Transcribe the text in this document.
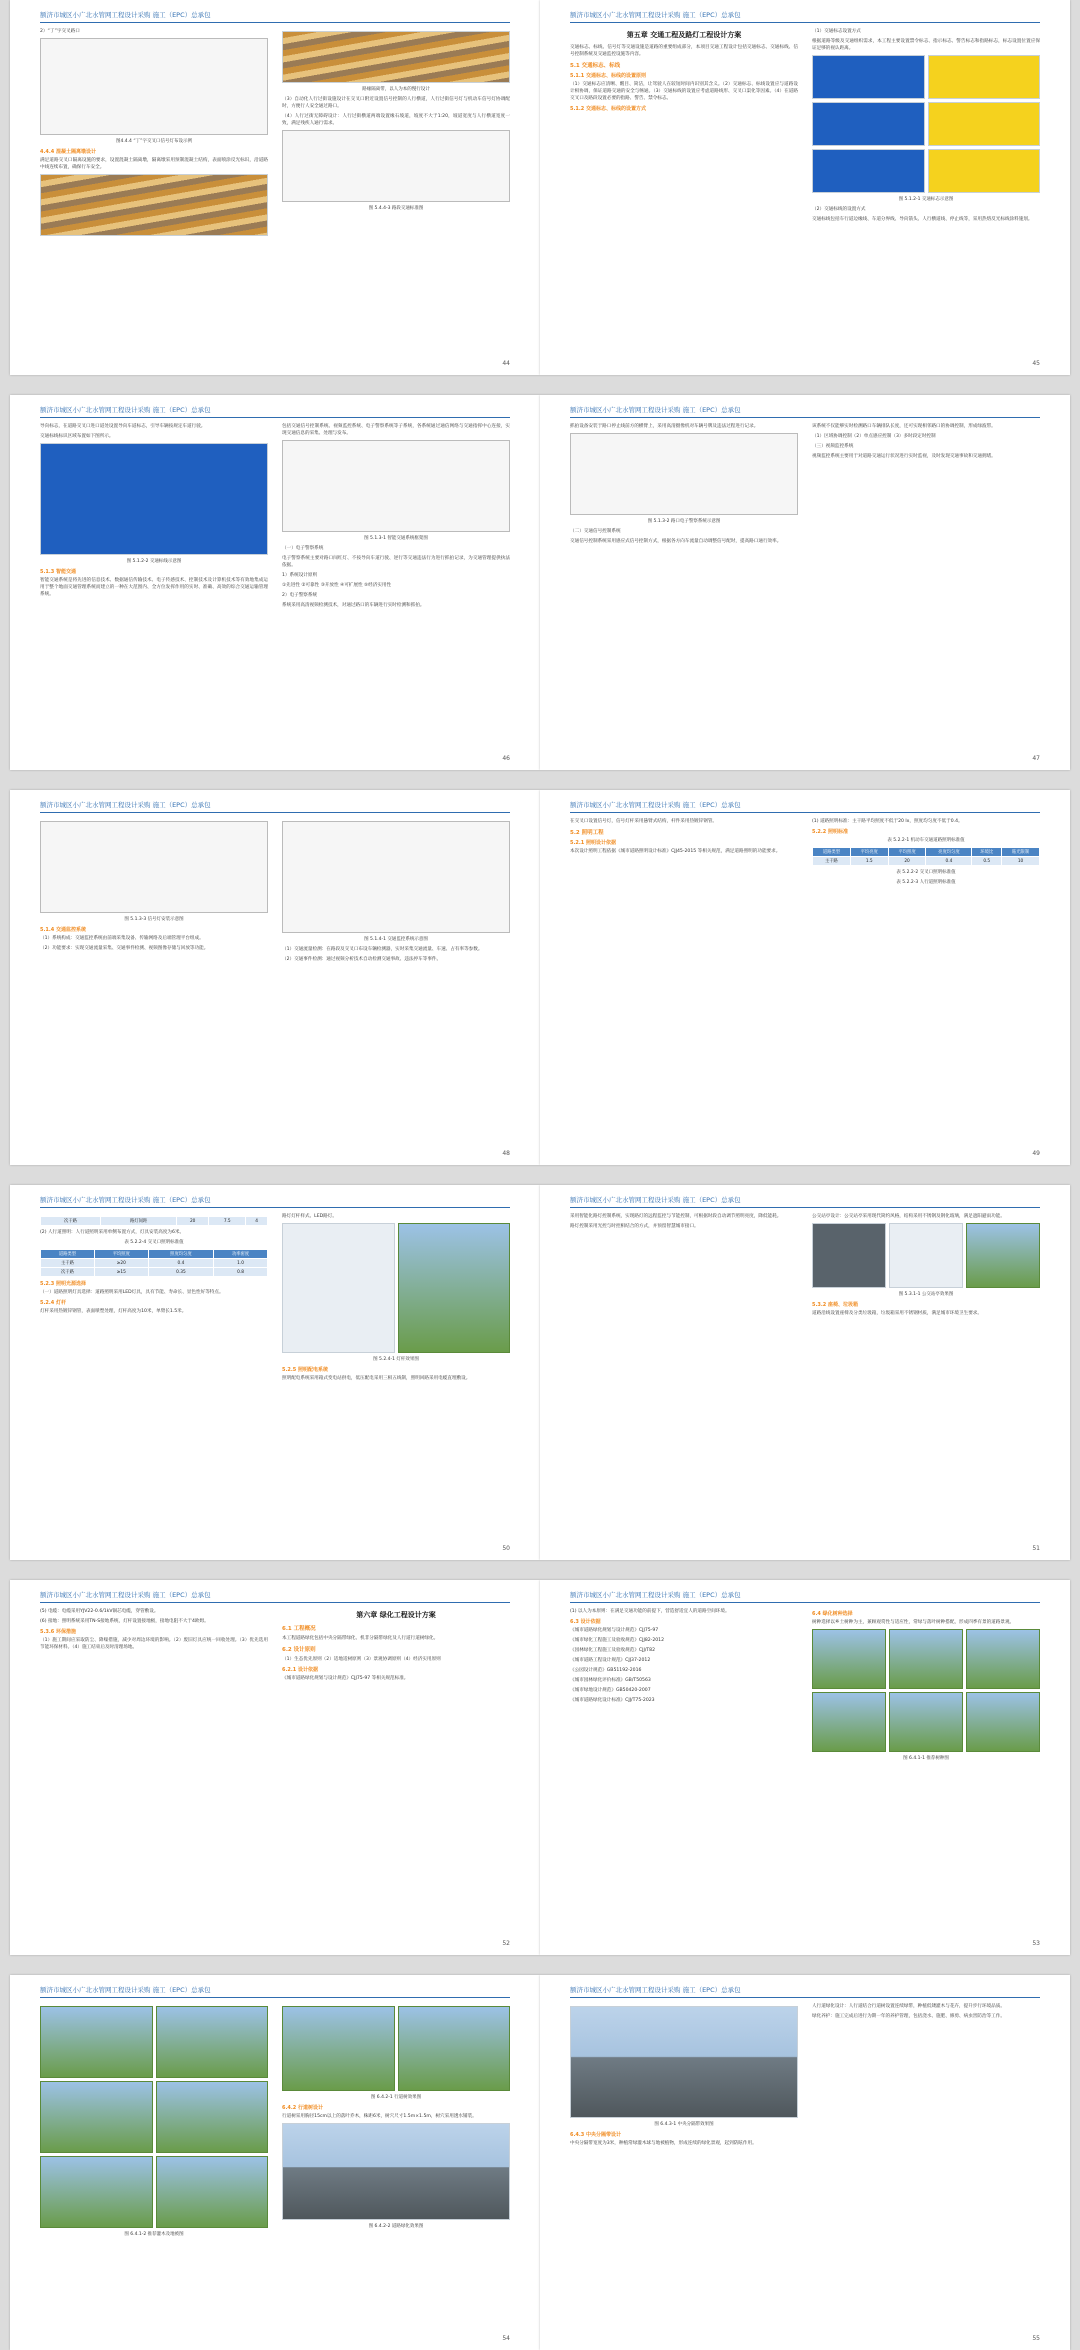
额济市城区小广北水管网工程设计采购 施工（EPC）总承包

2）“丁”字交叉路口

图4.4.4 “丁”字交叉口信号灯布设示例
4.4.4 混凝土隔离墩设计

满足道路交叉口隔离设施的要求，设置混凝土隔离墩，隔离墩采用预制混凝土结构，表面喷涂反光标识，沿道路中线连续布置，确保行车安全。

路缘隔离带，以人为本的慢行设计

（3）自动化人行过街设施设计在交叉口附近设置信号控制的人行横道，人行过街信号灯与机动车信号灯协调配时，方便行人安全通过路口。

（4）人行过街无障碍设计：人行过街横道两端设置缘石坡道，坡度不大于1:20，坡道宽度与人行横道宽度一致，满足残疾人通行需求。

图 5.4.4-3 路段交通标准图
44
额济市城区小广北水管网工程设计采购 施工（EPC）总承包
第五章 交通工程及路灯工程设计方案

交通标志、标线、信号灯等交通设施是道路的重要组成部分，本项目交通工程设计包括交通标志、交通标线、信号控制系统及交通监控设施等内容。

5.1 交通标志、标线
5.1.1 交通标志、标线的设置原则

（1）交通标志应清晰、醒目、简洁，让驾驶人在较短时间内识别其含义。（2）交通标志、标线设置应与道路设计相协调，保证道路交通的安全与畅通。（3）交通标线的设置应考虑道路线形、交叉口渠化等因素。（4）在道路交叉口及路段设置必要的指路、警告、禁令标志。

5.1.2 交通标志、标线的设置方式

（1）交通标志设置方式

根据道路等级及交通组织需求，本工程主要设置禁令标志、指示标志、警告标志和指路标志，标志设置位置应保证足够的视认距离。

图 5.1.2-1 交通标志示意图

（2）交通标线的设置方式

交通标线包括车行道边缘线、车道分界线、导向箭头、人行横道线、停止线等，采用热熔反光标线涂料施划。

45
额济市城区小广北水管网工程设计采购 施工（EPC）总承包

导向标志，在道路交叉口进口道处设置导向车道标志，引导车辆按规定车道行驶。

交通标线标识区域布置如下图所示。

图 5.1.2-2 交通标线示意图
5.1.3 智能交通

智能交通系统是将先进的信息技术、数据通信传输技术、电子传感技术、控制技术及计算机技术等有效地集成运用于整个地面交通管理系统而建立的一种在大范围内、全方位发挥作用的实时、准确、高效的综合交通运输管理系统。

包括交通信号控制系统、视频监控系统、电子警察系统等子系统，各系统通过通信网络与交通指挥中心连接，实现交通信息的采集、处理与发布。

图 5.1.3-1 智能交通系统框架图

（一）电子警察系统

电子警察系统主要对路口闯红灯、不按导向车道行驶、逆行等交通违法行为进行抓拍记录，为交通管理提供执法依据。

1）系统设计原则

①先进性 ②可靠性 ③开放性 ④可扩展性 ⑤经济实用性

2）电子警察系统

系统采用高清视频检测技术，对通过路口的车辆进行实时检测和抓拍。

46
额济市城区小广北水管网工程设计采购 施工（EPC）总承包

抓拍设备安装于路口停止线前方的横臂上，采用高清摄像机对车辆号牌及违法过程进行记录。

图 5.1.3-2 路口电子警察系统示意图

（二）交通信号控制系统

交通信号控制系统采用感应式信号控制方式，根据各方向车流量自动调整信号配时，提高路口通行效率。

该系统不仅能够实时检测路口车辆排队长度，还可实现相邻路口的协调控制，形成绿波带。

（1）区域协调控制（2）单点感应控制（3）多时段定时控制

（三）视频监控系统

视频监控系统主要用于对道路交通运行状况进行实时监视，及时发现交通事故和交通拥堵。

47
额济市城区小广北水管网工程设计采购 施工（EPC）总承包
图 5.1.3-3 信号灯安装示意图
5.1.4 交通监控系统

（1）系统构成：交通监控系统由前端采集设备、传输网络及后端管理平台组成。

（2）功能要求：实现交通流量采集、交通事件检测、视频图像存储与回放等功能。

图 5.1.4-1 交通监控系统示意图

（1）交通流量检测：在路段及交叉口布设车辆检测器，实时采集交通流量、车速、占有率等参数。

（2）交通事件检测：通过视频分析技术自动检测交通事故、违法停车等事件。

48
额济市城区小广北水管网工程设计采购 施工（EPC）总承包

在交叉口设置信号灯，信号灯杆采用悬臂式结构，杆件采用热镀锌钢管。

5.2 照明工程
5.2.1 照明设计依据

本次设计照明工程依据《城市道路照明设计标准》CJJ45-2015 等相关规范，满足道路照明的功能要求。

(1) 道路照明标准：主干路平均照度不低于20 lx，照度均匀度不低于0.4。

5.2.2 照明标准
表 5.2.2-1 机动车交通道路照明标准值
道路类型	平均亮度	平均照度	亮度均匀度	环境比	眩光限制
主干路	1.5	20	0.4	0.5	10
表 5.2.2-2 交叉口照明标准值
表 5.2.2-3 人行道照明标准值
49
额济市城区小广北水管网工程设计采购 施工（EPC）总承包
次干路	路灯间距	20	7.5	4

(2) 人行道照明：人行道照明采用单侧布置方式，灯具安装高度为6米。

表 5.2.2-4 交叉口照明标准值
道路类型	平均照度	照度均匀度	功率密度
主干路	≥20	0.4	1.0
次干路	≥15	0.35	0.8
5.2.3 照明光源选择

（一）道路照明灯具选择：道路照明采用LED灯具，具有节能、寿命长、显色性好等特点。

5.2.4 灯杆

灯杆采用热镀锌钢管，表面喷塑处理，灯杆高度为10米，单臂长1.5米。

路灯灯杆样式、LED路灯。

图 5.2.4-1 灯杆效果图
5.2.5 照明配电系统

照明配电系统采用箱式变电站供电，低压配电采用三相五线制，照明回路采用电缆直埋敷设。

50
额济市城区小广北水管网工程设计采购 施工（EPC）总承包

采用智能化路灯控制系统，实现路灯的远程监控与节能控制，可根据时段自动调节照明亮度，降低能耗。

路灯控制采用光控与时控相结合的方式，并预留智慧城市接口。

公交站亭设计：公交站亭采用现代简约风格，结构采用不锈钢及钢化玻璃，满足遮阳避雨功能。

图 5.3.1-1 公交站亭效果图
5.3.2 座椅、垃圾箱

道路沿线设置座椅及分类垃圾箱，垃圾箱采用不锈钢材质，满足城市环境卫生要求。

51
额济市城区小广北水管网工程设计采购 施工（EPC）总承包

(5) 电缆：电缆采用YJV22-0.6/1kV铜芯电缆，穿管敷设。

(6) 接地：照明系统采用TN-S接地系统，灯杆设置接地极，接地电阻不大于4欧姆。

5.3.6 环保措施

（1）施工期间应采取防尘、降噪措施，减少对周边环境的影响。（2）废旧灯具应统一回收处理。（3）优先选用节能环保材料。（4）施工结束后及时清理场地。

第六章 绿化工程设计方案
6.1 工程概况

本工程道路绿化包括中央分隔带绿化、机非分隔带绿化及人行道行道树绿化。

6.2 设计原则

（1）生态优先原则（2）适地适树原则（3）景观协调原则（4）经济实用原则

6.2.1 设计依据

《城市道路绿化规划与设计规范》CJJ75-97 等相关规范标准。

52
额济市城区小广北水管网工程设计采购 施工（EPC）总承包

(1) 以人为本原则：在满足交通功能的前提下，营造舒适宜人的道路空间环境。

6.3 设计依据

《城市道路绿化规划与设计规范》CJJ75-97

《城市绿化工程施工及验收规范》CJJ82-2012

《园林绿化工程施工及验收规范》CJJ/T82

《城市道路工程设计规范》CJJ37-2012

《公园设计规范》GB51192-2016

《城市园林绿化评价标准》GB/T50563

《城市绿地设计规范》GB50420-2007

《城市道路绿化设计标准》CJJ/T75-2023

6.4 绿化树种选择

树种选择以乡土树种为主，兼顾观赏性与适应性，常绿与落叶树种搭配，形成四季有景的道路景观。

图 6.4.1-1 推荐树种图
53
额济市城区小广北水管网工程设计采购 施工（EPC）总承包
图 6.4.1-2 推荐灌木及地被图
图 6.4.2-1 行道树效果图
6.4.2 行道树设计

行道树采用胸径15cm以上的落叶乔木，株距6米，树穴尺寸1.5m×1.5m，树穴采用透水铺装。

图 6.4.2-2 道路绿化效果图
54
额济市城区小广北水管网工程设计采购 施工（EPC）总承包
图 6.4.3-1 中央分隔带效果图
6.4.3 中央分隔带设计

中央分隔带宽度为3米，种植常绿灌木球与地被植物，形成连续的绿化景观，起到防眩作用。

人行道绿化设计：人行道结合行道树设置连续绿带，种植低矮灌木与花卉，提升步行环境品质。

绿化养护：施工完成后进行为期一年的养护管理，包括浇水、施肥、修剪、病虫害防治等工作。

55
